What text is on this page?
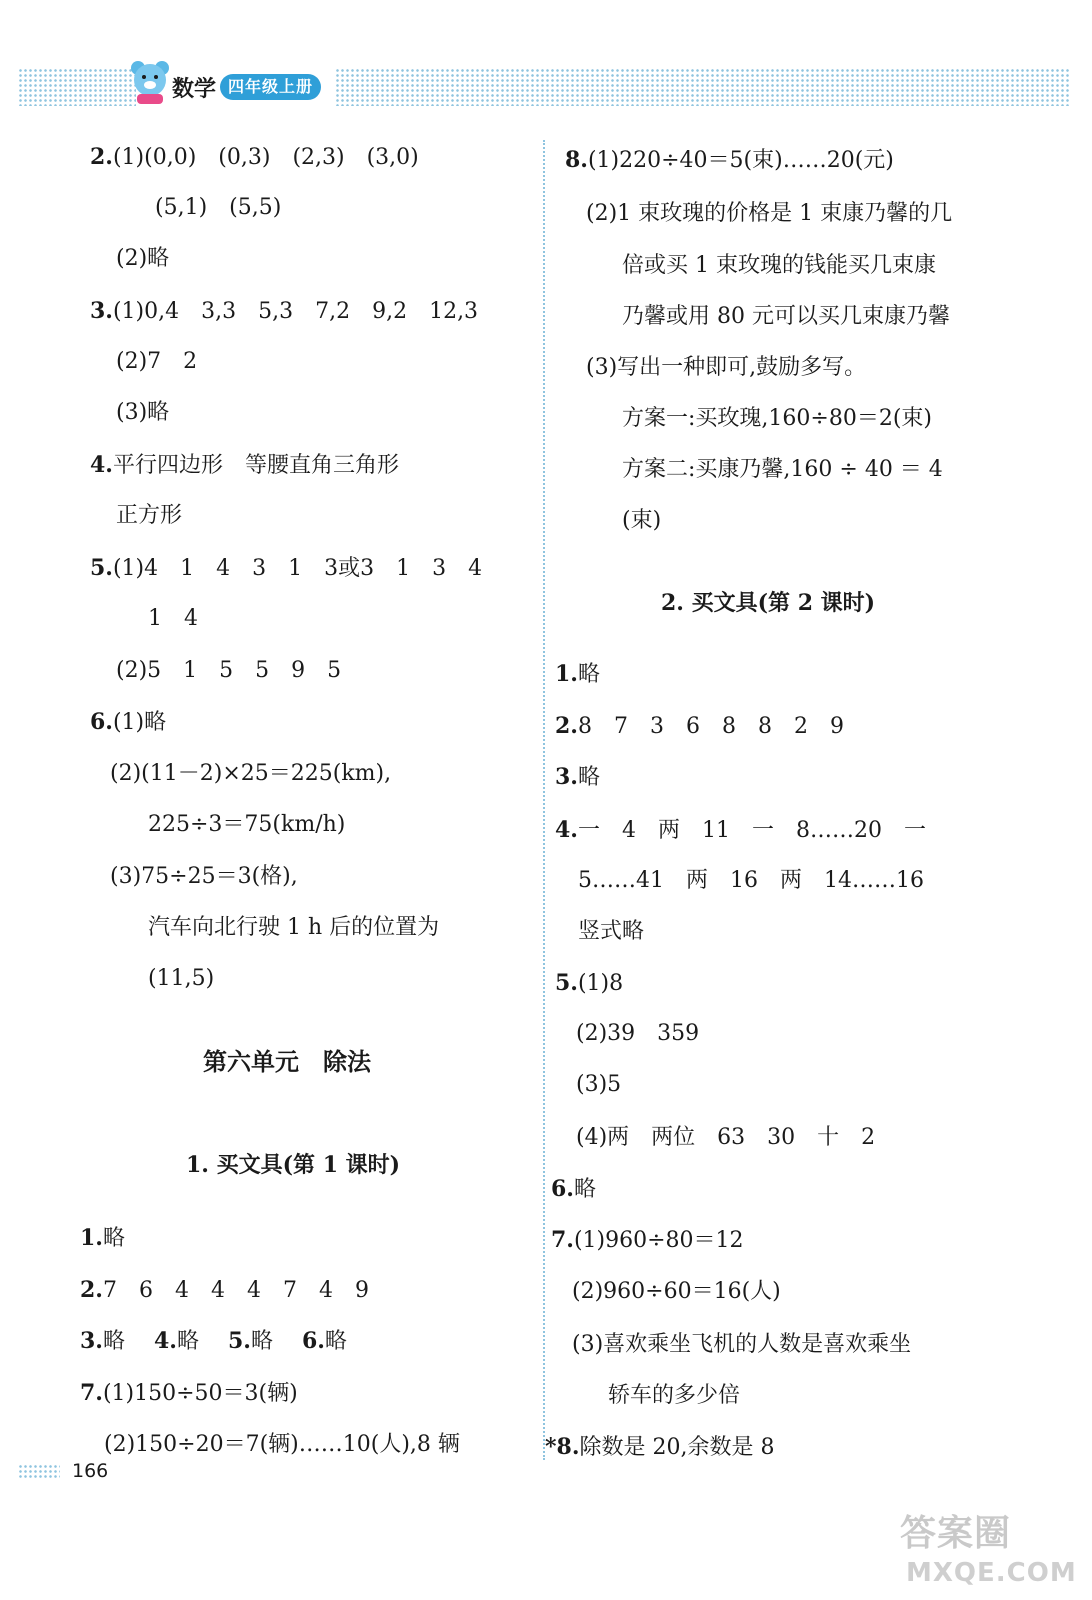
数学 四年级上册
2.(1)(0,0)　(0,3)　(2,3)　(3,0)
(5,1)　(5,5)
(2)略
3.(1)0,4　3,3　5,3　7,2　9,2　12,3
(2)7　2
(3)略
4.平行四边形　等腰直角三角形
正方形
5.(1)4　1　4　3　1　3或3　1　3　4
1　4
(2)5　1　5　5　9　5
6.(1)略
(2)(11－2)×25＝225(km),
225÷3＝75(km/h)
(3)75÷25＝3(格),
汽车向北行驶 1 h 后的位置为
(11,5)
第六单元　除法
1. 买文具(第 1 课时)
1.略
2.7　6　4　4　4　7　4　9
3.略　 4.略　 5.略　 6.略
7.(1)150÷50＝3(辆)
(2)150÷20＝7(辆)……10(人),8 辆
8.(1)220÷40＝5(束)……20(元)
(2)1 束玫瑰的价格是 1 束康乃馨的几
倍或买 1 束玫瑰的钱能买几束康
乃馨或用 80 元可以买几束康乃馨
(3)写出一种即可,鼓励多写。
方案一:买玫瑰,160÷80＝2(束)
方案二:买康乃馨,160 ÷ 40 ＝ 4
(束)
2. 买文具(第 2 课时)
1.略
2.8　7　3　6　8　8　2　9
3.略
4.一　4　两　11　一　8……20　一
5……41　两　16　两　14……16
竖式略
5.(1)8
(2)39　359
(3)5
(4)两　两位　63　30　十　2
6.略
7.(1)960÷80＝12
(2)960÷60＝16(人)
(3)喜欢乘坐飞机的人数是喜欢乘坐
轿车的多少倍
*8.除数是 20,余数是 8
166
答案圈
MXQE.COM
